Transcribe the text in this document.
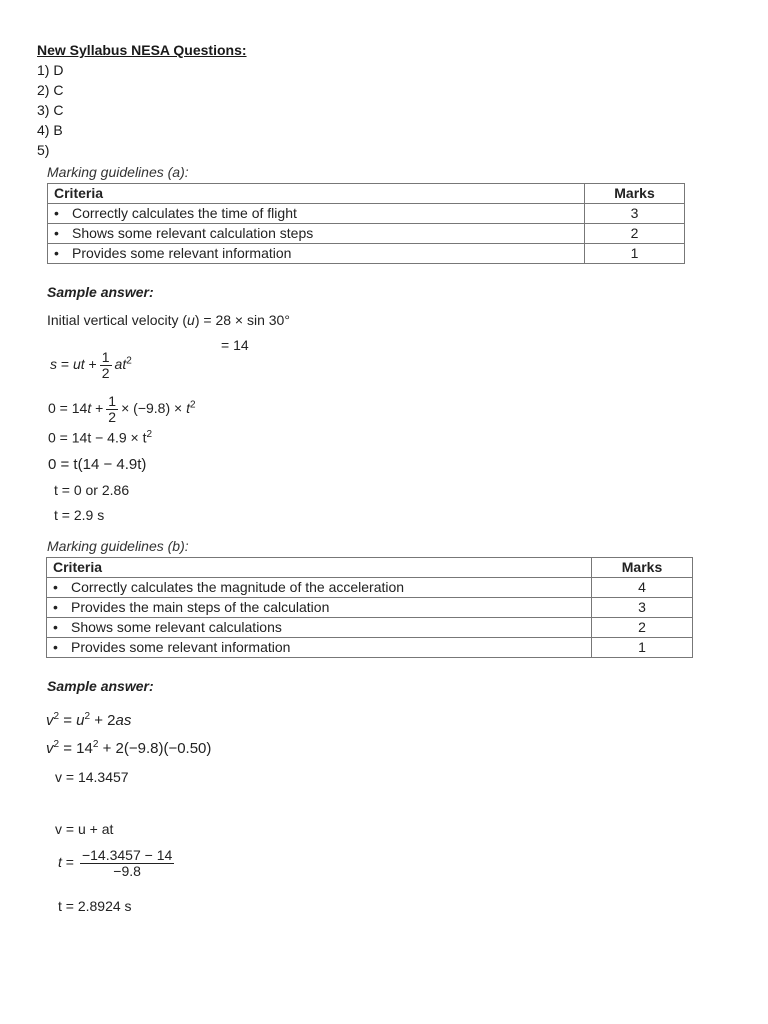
New Syllabus NESA Questions:
1) D
2) C
3) C
4) B
5)
Marking guidelines (a):
Criteria	Marks
• Correctly calculates the time of flight	3
• Shows some relevant calculation steps	2
• Provides some relevant information	1
Sample answer:
Initial vertical velocity (u) = 28 × sin 30°
= 14
s = ut + $\frac{1}{2} at^2$
$0 = 14t + \frac{1}{2} \times (-9.8) \times t^2$
$0 = 14t - 4.9 \times t^2$
0 = t(14 − 4.9t)
t = 0 or 2.86
t = 2.9 s
Marking guidelines (b):
Criteria	Marks
• Correctly calculates the magnitude of the acceleration	4
• Provides the main steps of the calculation	3
• Shows some relevant calculations	2
• Provides some relevant information	1
Sample answer:
$v^2 = u^2 + 2as$
$v^2 = 14^2 + 2(-9.8)(-0.50)$
v = 14.3457
v = u + at
$t = \frac{-14.3457 - 14}{-9.8}$
t = 2.8924 s
